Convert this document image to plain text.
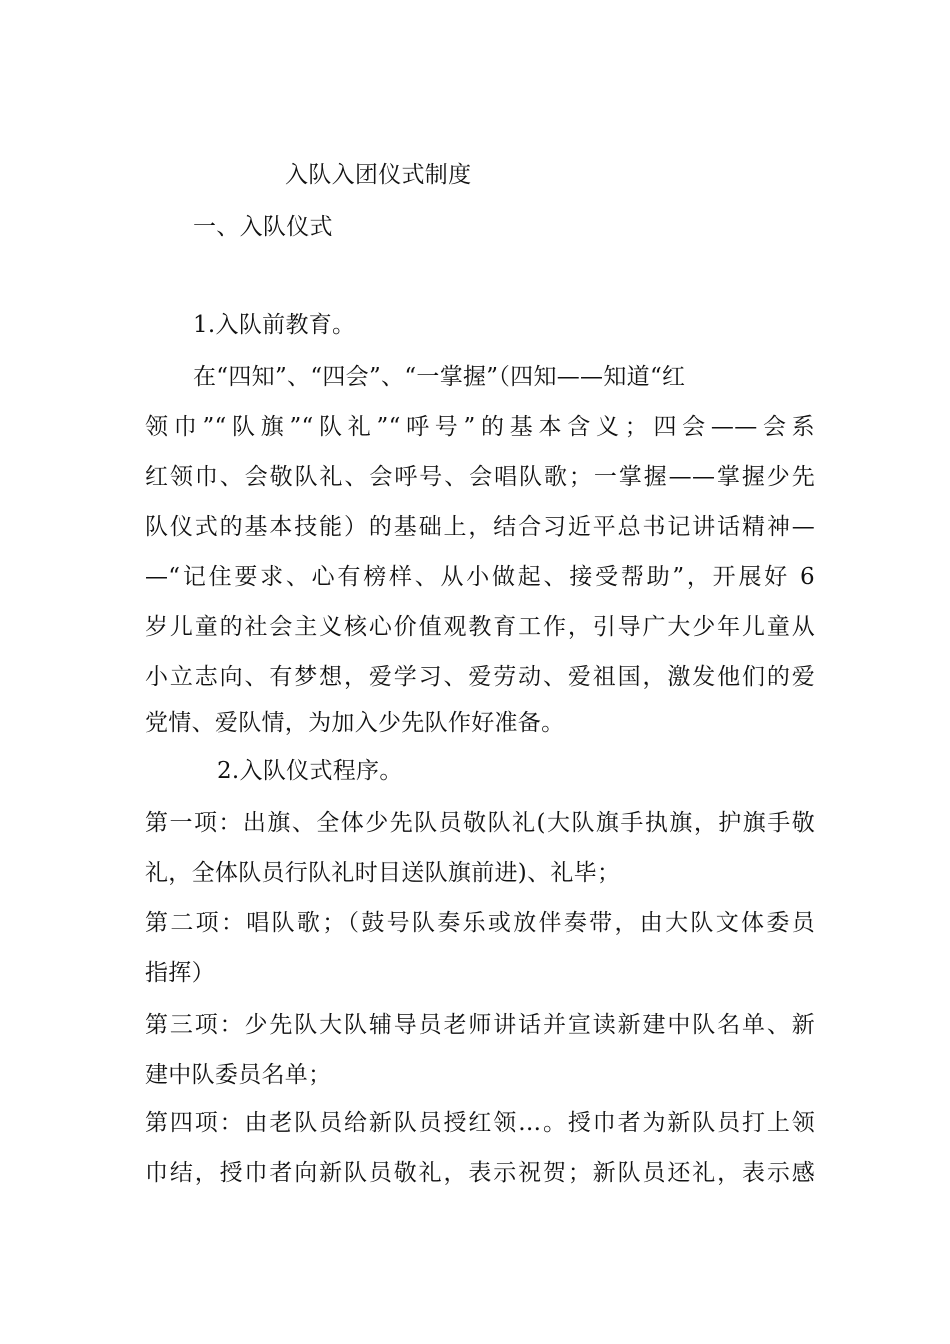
入队入团仪式制度
一、入队仪式
1.入队前教育。
在“四知”、“四会”、“一掌握”（四知——知道“红
领巾”“队旗”“队礼”“呼号”的基本含义；四会——会系
红领巾、会敬队礼、会呼号、会唱队歌；一掌握——掌握少先
队仪式的基本技能）的基础上，结合习近平总书记讲话精神—
—“记住要求、心有榜样、从小做起、接受帮助”，开展好 6
岁儿童的社会主义核心价值观教育工作，引导广大少年儿童从
小立志向、有梦想，爱学习、爱劳动、爱祖国，激发他们的爱
党情、爱队情，为加入少先队作好准备。
2.入队仪式程序。
第一项：出旗、全体少先队员敬队礼(大队旗手执旗，护旗手敬
礼，全体队员行队礼时目送队旗前进)、礼毕；
第二项：唱队歌；（鼓号队奏乐或放伴奏带，由大队文体委员
指挥）
第三项：少先队大队辅导员老师讲话并宣读新建中队名单、新
建中队委员名单；
第四项：由老队员给新队员授红领…。授巾者为新队员打上领
巾结，授巾者向新队员敬礼，表示祝贺；新队员还礼，表示感
